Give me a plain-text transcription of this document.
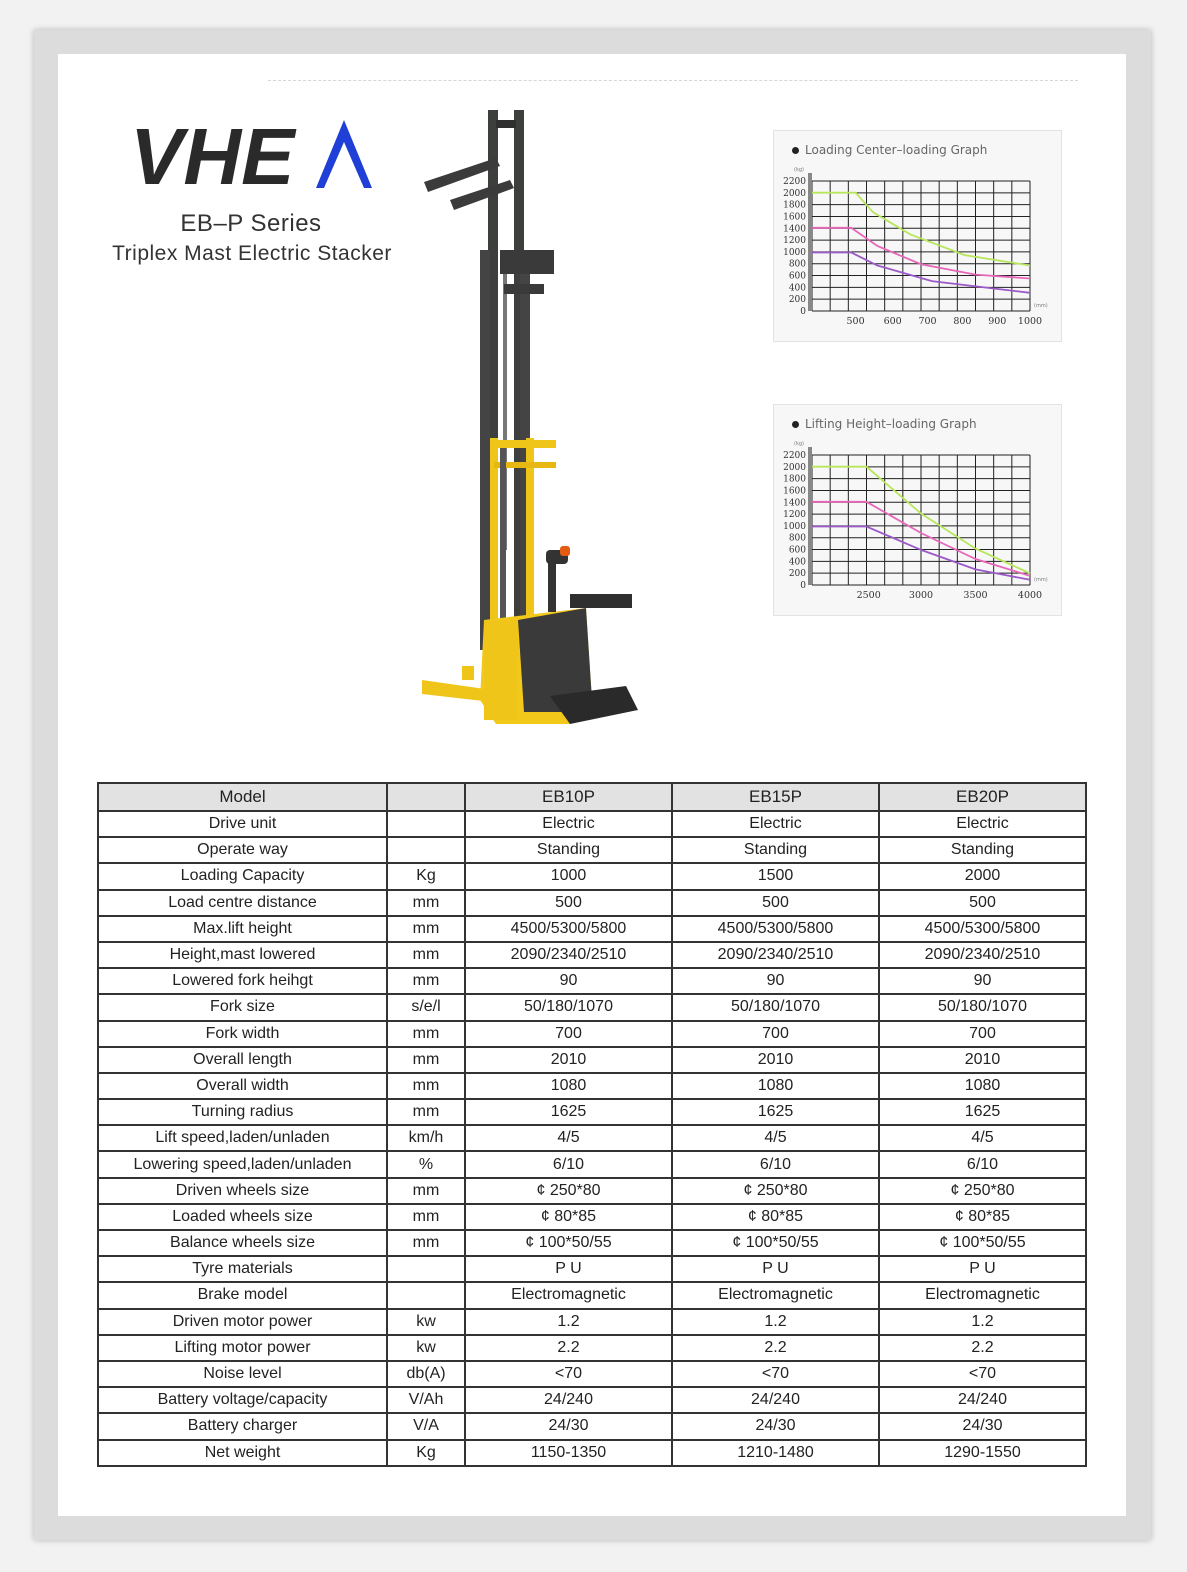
VHE
EB–P Series
Triplex Mast Electric Stacker
Loading Center–loading Graph
2200
2000
1800
1600
1400
1200
1000
800
600
400
200
0
(kg)
(mm)
500 600 700 800 900 1000
Lifting Height–loading Graph
2200
2000
1800
1600
1400
1200
1000
800
600
400
200
0
(kg)
(mm)
2500	3000	3500	4000
Model		EB10P	EB15P	EB20P
Drive unit		Electric	Electric	Electric
Operate way		Standing	Standing	Standing
Loading Capacity	Kg	1000	1500	2000
Load centre distance	mm	500	500	500
Max.lift height	mm	4500/5300/5800	4500/5300/5800	4500/5300/5800
Height,mast lowered	mm	2090/2340/2510	2090/2340/2510	2090/2340/2510
Lowered fork heihgt	mm	90	90	90
Fork size	s/e/l	50/180/1070	50/180/1070	50/180/1070
Fork width	mm	700	700	700
Overall length	mm	2010	2010	2010
Overall width	mm	1080	1080	1080
Turning radius	mm	1625	1625	1625
Lift speed,laden/unladen	km/h	4/5	4/5	4/5
Lowering speed,laden/unladen	%	6/10	6/10	6/10
Driven wheels size	mm	¢ 250*80	¢ 250*80	¢ 250*80
Loaded wheels size	mm	¢ 80*85	¢ 80*85	¢ 80*85
Balance wheels size	mm	¢ 100*50/55	¢ 100*50/55	¢ 100*50/55
Tyre materials		P U	P U	P U
Brake model		Electromagnetic	Electromagnetic	Electromagnetic
Driven motor power	kw	1.2	1.2	1.2
Lifting motor power	kw	2.2	2.2	2.2
Noise level	db(A)	<70	<70	<70
Battery voltage/capacity	V/Ah	24/240	24/240	24/240
Battery charger	V/A	24/30	24/30	24/30
Net weight	Kg	1150-1350	1210-1480	1290-1550
